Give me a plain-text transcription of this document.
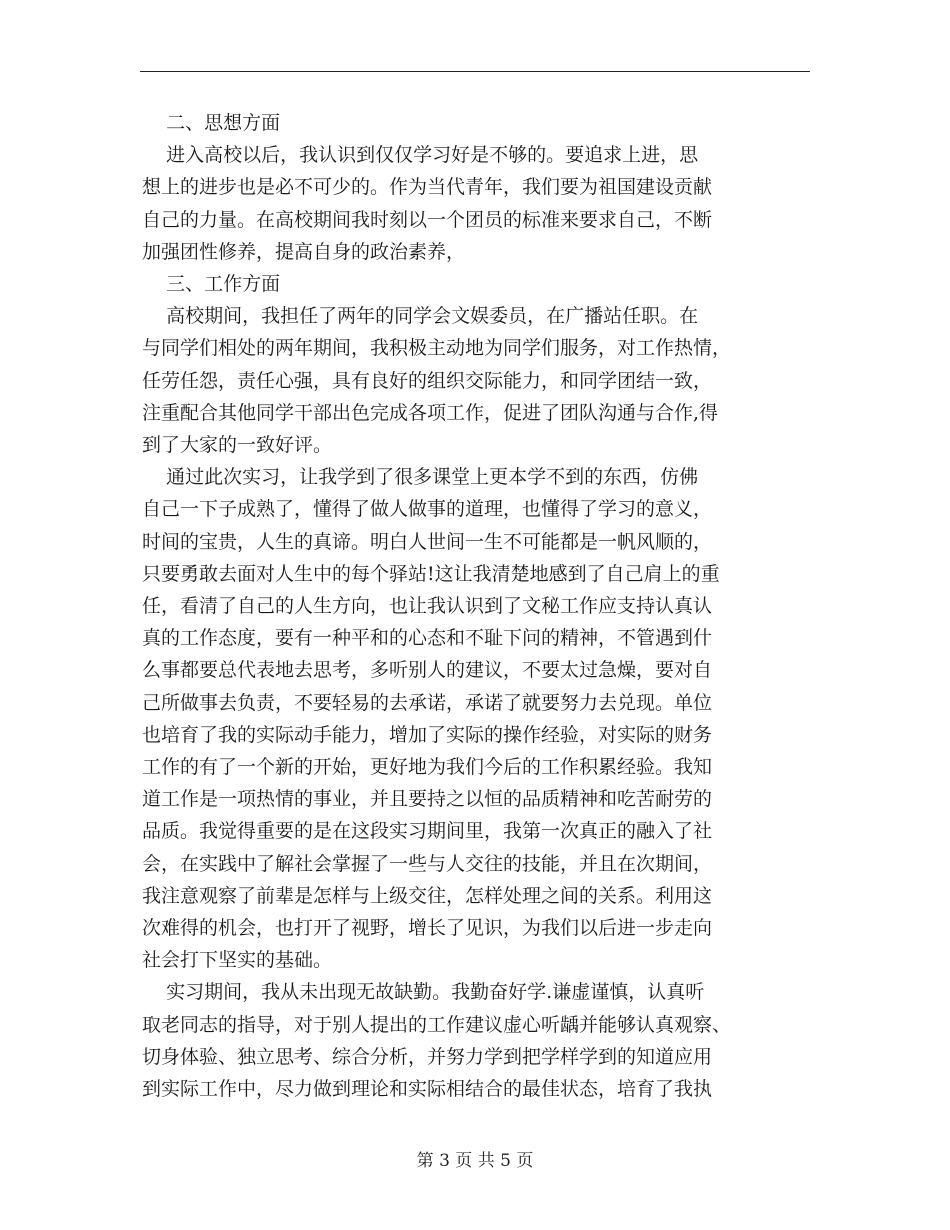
二、思想方面

进入高校以后，我认识到仅仅学习好是不够的。要追求上进，思

想上的进步也是必不可少的。作为当代青年，我们要为祖国建设贡献

自己的力量。在高校期间我时刻以一个团员的标准来要求自己，不断

加强团性修养，提高自身的政治素养，

三、工作方面

高校期间，我担任了两年的同学会文娱委员，在广播站任职。在

与同学们相处的两年期间，我积极主动地为同学们服务，对工作热情，

任劳任怨，责任心强，具有良好的组织交际能力，和同学团结一致，

注重配合其他同学干部出色完成各项工作，促进了团队沟通与合作,得

到了大家的一致好评。

通过此次实习，让我学到了很多课堂上更本学不到的东西，仿佛

自己一下子成熟了，懂得了做人做事的道理，也懂得了学习的意义，

时间的宝贵，人生的真谛。明白人世间一生不可能都是一帆风顺的，

只要勇敢去面对人生中的每个驿站!这让我清楚地感到了自己肩上的重

任，看清了自己的人生方向，也让我认识到了文秘工作应支持认真认

真的工作态度，要有一种平和的心态和不耻下问的精神，不管遇到什

么事都要总代表地去思考，多听别人的建议，不要太过急燥，要对自

己所做事去负责，不要轻易的去承诺，承诺了就要努力去兑现。单位

也培育了我的实际动手能力，增加了实际的操作经验，对实际的财务

工作的有了一个新的开始，更好地为我们今后的工作积累经验。我知

道工作是一项热情的事业，并且要持之以恒的品质精神和吃苦耐劳的

品质。我觉得重要的是在这段实习期间里，我第一次真正的融入了社

会，在实践中了解社会掌握了一些与人交往的技能，并且在次期间，

我注意观察了前辈是怎样与上级交往，怎样处理之间的关系。利用这

次难得的机会，也打开了视野，增长了见识，为我们以后进一步走向

社会打下坚实的基础。

实习期间，我从未出现无故缺勤。我勤奋好学.谦虚谨慎，认真听

取老同志的指导，对于别人提出的工作建议虚心听龋并能够认真观察、

切身体验、独立思考、综合分析，并努力学到把学样学到的知道应用

到实际工作中，尽力做到理论和实际相结合的最佳状态，培育了我执

第 3 页 共 5 页
